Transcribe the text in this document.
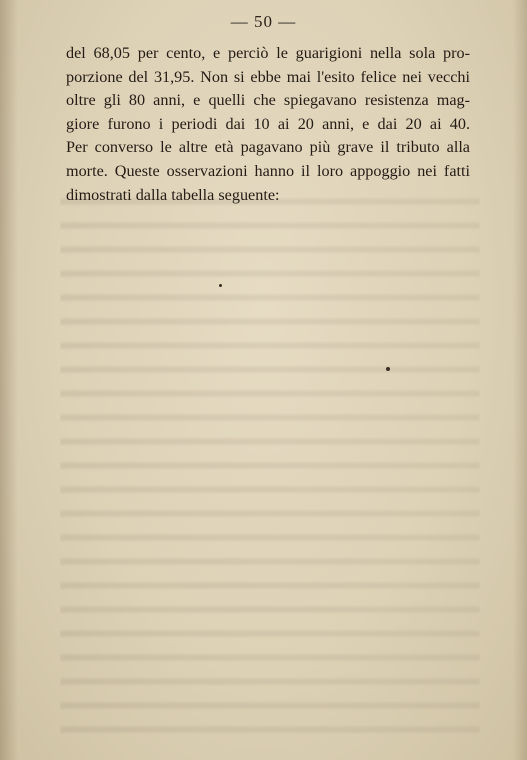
— 50 —
del 68,05 per cento, e perciò le guarigioni nella sola pro-
porzione del 31,95. Non si ebbe mai l'esito felice nei vecchi
oltre gli 80 anni, e quelli che spiegavano resistenza mag-
giore furono i periodi dai 10 ai 20 anni, e dai 20 ai 40.
Per converso le altre età pagavano più grave il tributo alla
morte. Queste osservazioni hanno il loro appoggio nei fatti
dimostrati dalla tabella seguente:
